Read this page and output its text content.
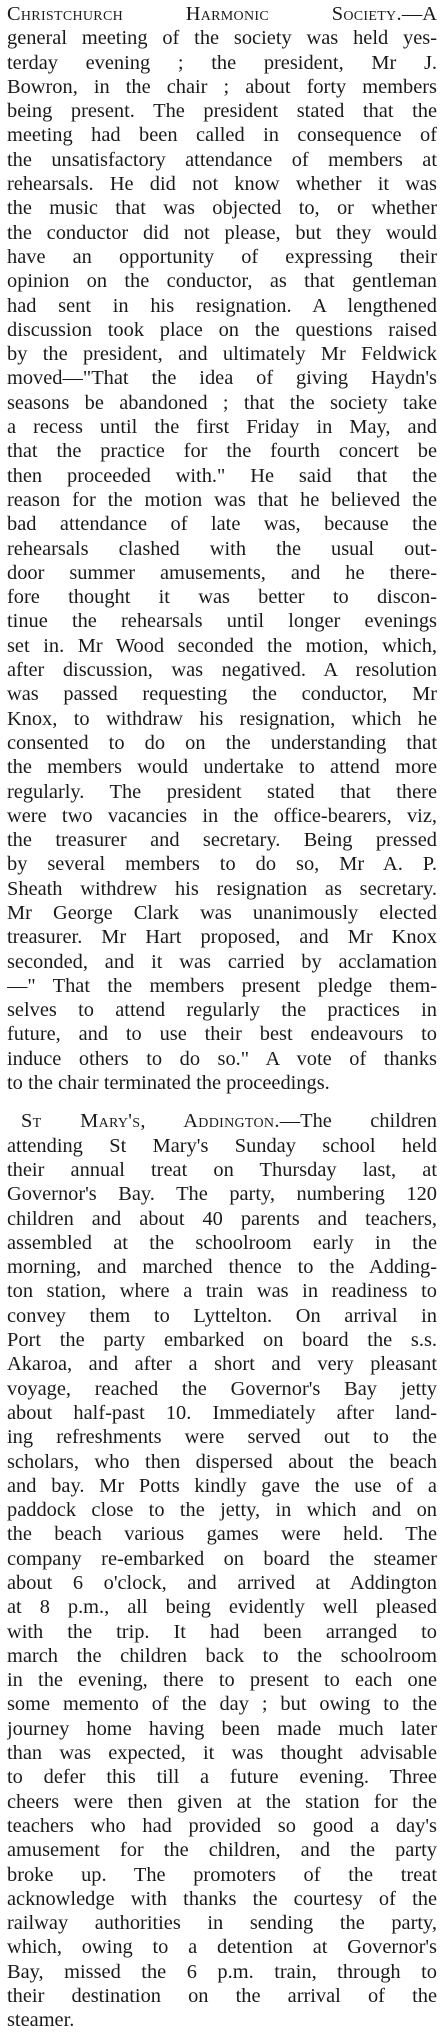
Christchurch Harmonic Society.—A
general meeting of the society was held yes-
terday evening ; the president, Mr J.
Bowron, in the chair ; about forty members
being present. The president stated that the
meeting had been called in consequence of
the unsatisfactory attendance of members at
rehearsals. He did not know whether it was
the music that was objected to, or whether
the conductor did not please, but they would
have an opportunity of expressing their
opinion on the conductor, as that gentleman
had sent in his resignation. A lengthened
discussion took place on the questions raised
by the president, and ultimately Mr Feldwick
moved—"That the idea of giving Haydn's
seasons be abandoned ; that the society take
a recess until the first Friday in May, and
that the practice for the fourth concert be
then proceeded with." He said that the
reason for the motion was that he believed the
bad attendance of late was, because the
rehearsals clashed with the usual out-
door summer amusements, and he there-
fore thought it was better to discon-
tinue the rehearsals until longer evenings
set in. Mr Wood seconded the motion, which,
after discussion, was negatived. A resolution
was passed requesting the conductor, Mr
Knox, to withdraw his resignation, which he
consented to do on the understanding that
the members would undertake to attend more
regularly. The president stated that there
were two vacancies in the office-bearers, viz,
the treasurer and secretary. Being pressed
by several members to do so, Mr A. P.
Sheath withdrew his resignation as secretary.
Mr George Clark was unanimously elected
treasurer. Mr Hart proposed, and Mr Knox
seconded, and it was carried by acclamation
—" That the members present pledge them-
selves to attend regularly the practices in
future, and to use their best endeavours to
induce others to do so." A vote of thanks
to the chair terminated the proceedings.
St Mary's, Addington.—The children
attending St Mary's Sunday school held
their annual treat on Thursday last, at
Governor's Bay. The party, numbering 120
children and about 40 parents and teachers,
assembled at the schoolroom early in the
morning, and marched thence to the Adding-
ton station, where a train was in readiness to
convey them to Lyttelton. On arrival in
Port the party embarked on board the s.s.
Akaroa, and after a short and very pleasant
voyage, reached the Governor's Bay jetty
about half-past 10. Immediately after land-
ing refreshments were served out to the
scholars, who then dispersed about the beach
and bay. Mr Potts kindly gave the use of a
paddock close to the jetty, in which and on
the beach various games were held. The
company re-embarked on board the steamer
about 6 o'clock, and arrived at Addington
at 8 p.m., all being evidently well pleased
with the trip. It had been arranged to
march the children back to the schoolroom
in the evening, there to present to each one
some memento of the day ; but owing to the
journey home having been made much later
than was expected, it was thought advisable
to defer this till a future evening. Three
cheers were then given at the station for the
teachers who had provided so good a day's
amusement for the children, and the party
broke up. The promoters of the treat
acknowledge with thanks the courtesy of the
railway authorities in sending the party,
which, owing to a detention at Governor's
Bay, missed the 6 p.m. train, through to
their destination on the arrival of the
steamer.
